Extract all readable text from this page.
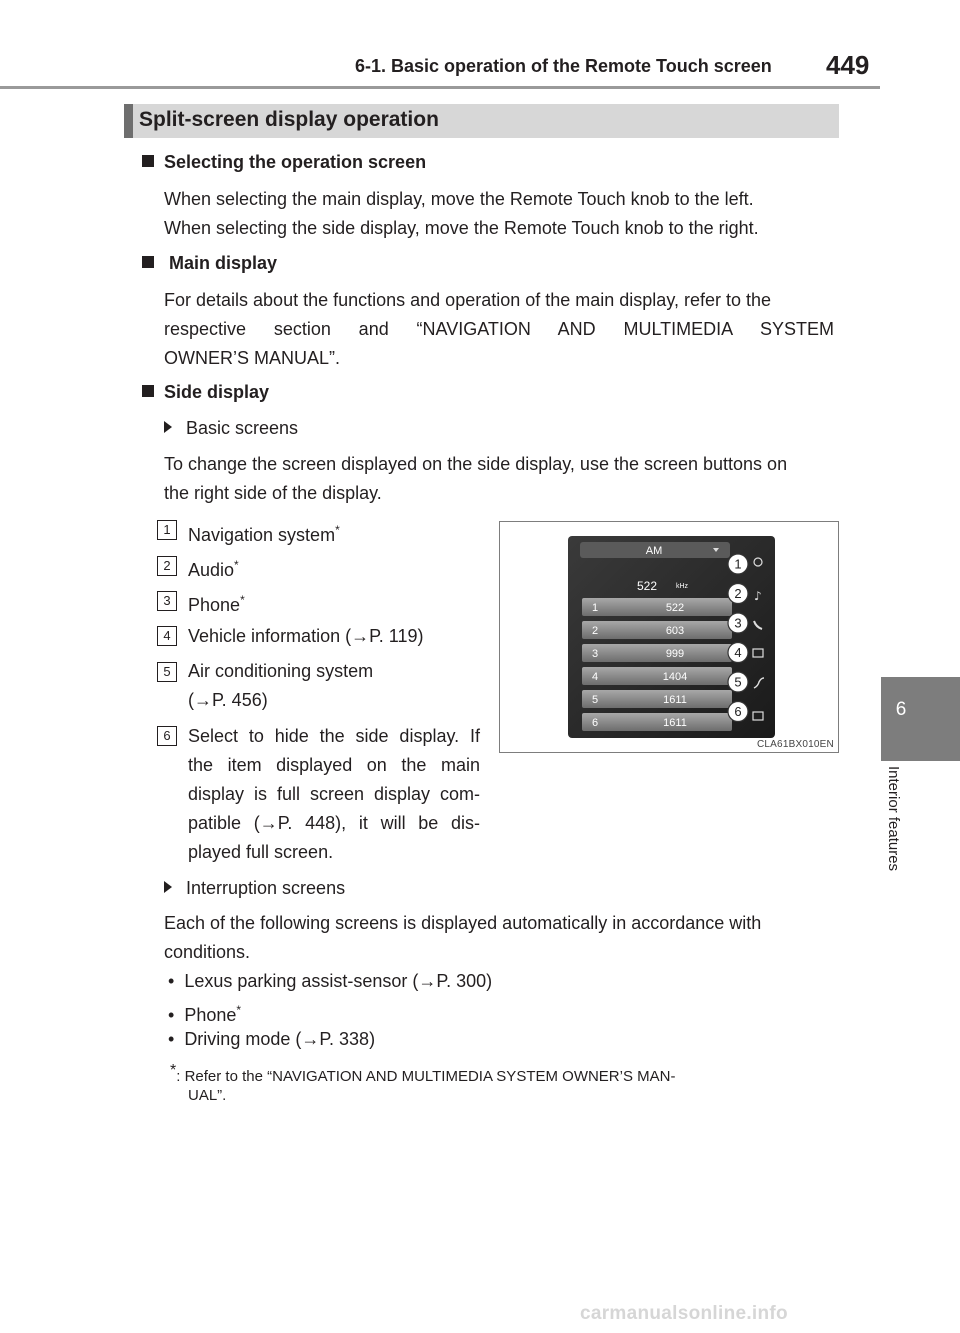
6-1. Basic operation of the Remote Touch screen 449
6
Interior features
Split-screen display operation
Selecting the operation screen
When selecting the main display, move the Remote Touch knob to the left.
When selecting the side display, move the Remote Touch knob to the right.
Main display
For details about the functions and operation of the main display, refer to the
respective section and “NAVIGATION AND MULTIMEDIA SYSTEM
OWNER’S MANUAL”.
Side display
Basic screens
To change the screen displayed on the side display, use the screen buttons on
the right side of the display.
1 Navigation system*
2 Audio*
3 Phone*
4 Vehicle information (→P. 119)
5 Air conditioning system
(→P. 456)
6 Select to hide the side display. If
the item displayed on the main
display is full screen display com-
patible (→P. 448), it will be dis-
played full screen.
AM
522	kHz
1	522
2	603
3	999
4	1404
5	1611
6	1611
1
2
3
4
5
6
♪
CLA61BX010EN
Interruption screens
Each of the following screens is displayed automatically in accordance with
conditions.
• Lexus parking assist-sensor (→P. 300)
• Phone*
• Driving mode (→P. 338)
*: Refer to the “NAVIGATION AND MULTIMEDIA SYSTEM OWNER’S MAN-
UAL”.
carmanualsonline.info
